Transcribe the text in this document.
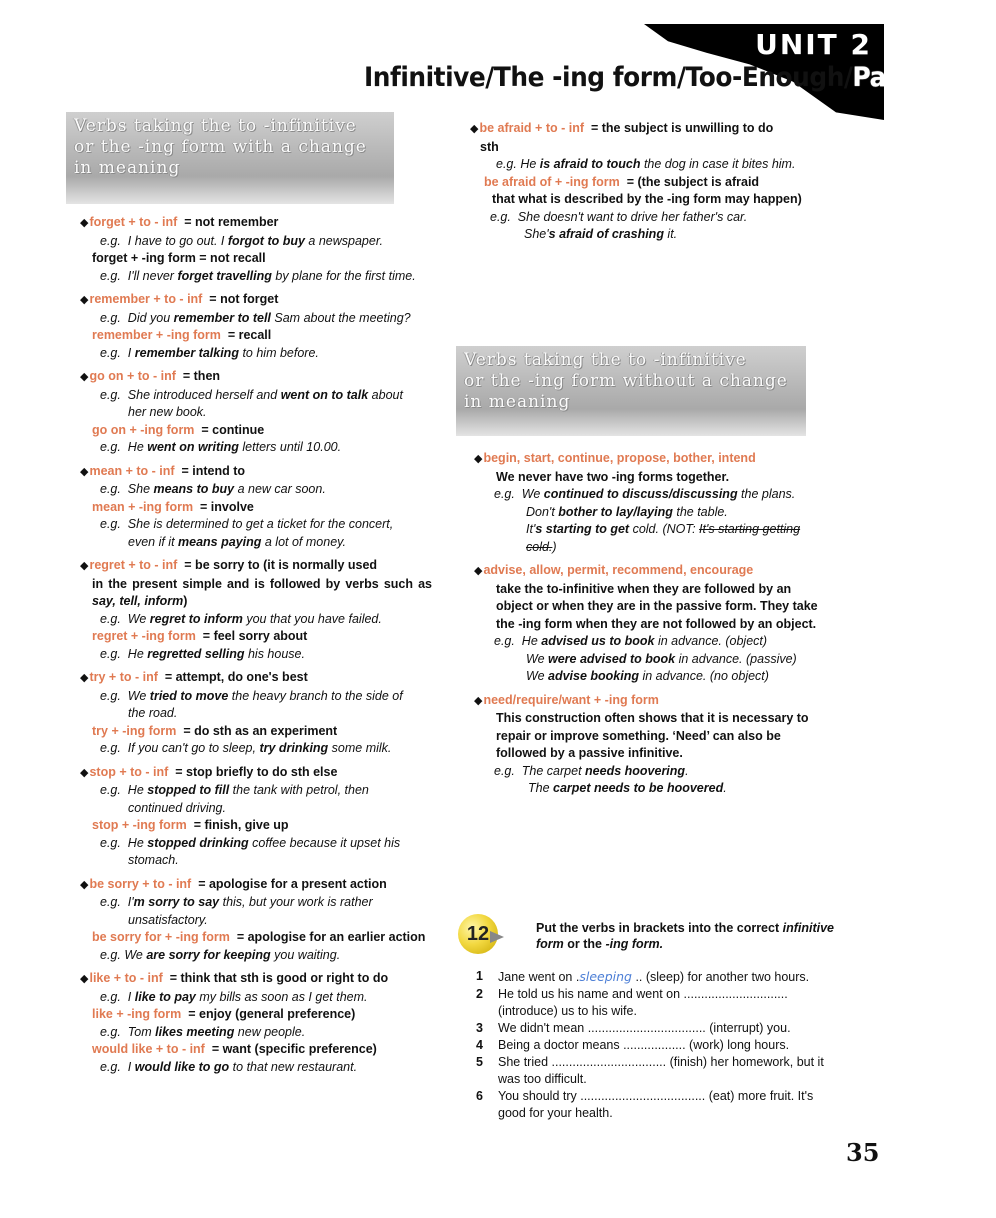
UNIT 2
Infinitive/The -ing form/Too-Enough/Participles
Verbs taking the to -infinitive
or the -ing form with a change
in meaning
◆forget + to - inf = not remember
e.g.  I have to go out. I forgot to buy a newspaper.
forget + -ing form = not recall
e.g.  I'll never forget travelling by plane for the first time.
◆remember + to - inf = not forget
e.g.  Did you remember to tell Sam about the meeting?
remember + -ing form = recall
e.g.  I remember talking to him before.
◆go on + to - inf = then
e.g.  She introduced herself and went on to talk about
her new book.
go on + -ing form = continue
e.g.  He went on writing letters until 10.00.
◆mean + to - inf = intend to
e.g.  She means to buy a new car soon.
mean + -ing form = involve
e.g.  She is determined to get a ticket for the concert,
even if it means paying a lot of money.
◆regret + to - inf = be sorry to (it is normally used
in the present simple and is followed by verbs such as say, tell, inform)
e.g.  We regret to inform you that you have failed.
regret + -ing form = feel sorry about
e.g.  He regretted selling his house.
◆try + to - inf = attempt, do one's best
e.g.  We tried to move the heavy branch to the side of
the road.
try + -ing form = do sth as an experiment
e.g.  If you can't go to sleep, try drinking some milk.
◆stop + to - inf = stop briefly to do sth else
e.g.  He stopped to fill the tank with petrol, then
continued driving.
stop + -ing form = finish, give up
e.g.  He stopped drinking coffee because it upset his
stomach.
◆be sorry + to - inf = apologise for a present action
e.g.  I'm sorry to say this, but your work is rather
unsatisfactory.
be sorry for + -ing form = apologise for an earlier action
e.g. We are sorry for keeping you waiting.
◆like + to - inf = think that sth is good or right to do
e.g.  I like to pay my bills as soon as I get them.
like + -ing form = enjoy (general preference)
e.g.  Tom likes meeting new people.
would like + to - inf = want (specific preference)
e.g.  I would like to go to that new restaurant.
◆be afraid + to - inf = the subject is unwilling to do
sth
e.g. He is afraid to touch the dog in case it bites him.
be afraid of + -ing form = (the subject is afraid
that what is described by the -ing form may happen)
e.g.  She doesn't want to drive her father's car.
She's afraid of crashing it.
Verbs taking the to -infinitive
or the -ing form without a change
in meaning
◆begin, start, continue, propose, bother, intend
We never have two -ing forms together.
e.g.  We continued to discuss/discussing the plans.
Don't bother to lay/laying the table.
It's starting to get cold. (NOT: It's starting getting
cold.)
◆advise, allow, permit, recommend, encourage
take the to-infinitive when they are followed by an object or when they are in the passive form. They take the -ing form when they are not followed by an object.
e.g.  He advised us to book in advance. (object)
We were advised to book in advance. (passive)
We advise booking in advance. (no object)
◆need/require/want + -ing form
This construction often shows that it is necessary to repair or improve something. ‘Need’ can also be followed by a passive infinitive.
e.g.  The carpet needs hoovering.
The carpet needs to be hoovered.
12	Put the verbs in brackets into the correct infinitive form or the -ing form.
1	Jane went on .sleeping .. (sleep) for another two hours.
2	He told us his name and went on .............................. (introduce) us to his wife.
3	We didn't mean .................................. (interrupt) you.
4	Being a doctor means .................. (work) long hours.
5	She tried ................................. (finish) her homework, but it was too difficult.
6	You should try .................................... (eat) more fruit. It's good for your health.
35
